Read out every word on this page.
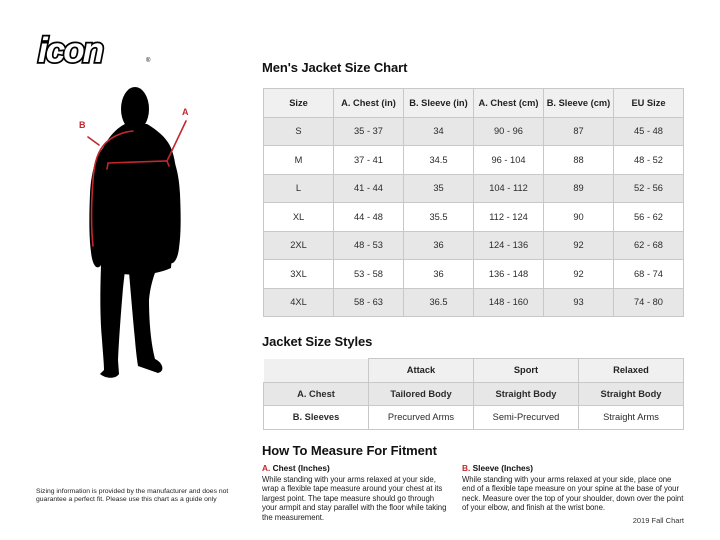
icon	®
A
B
Men's Jacket Size Chart
Size	A. Chest (in)	B. Sleeve (in)	A. Chest (cm)	B. Sleeve (cm)	EU Size
S	35 - 37	34	90 - 96	87	45 - 48
M	37 - 41	34.5	96 - 104	88	48 - 52
L	41 - 44	35	104 - 112	89	52 - 56
XL	44 - 48	35.5	112 - 124	90	56 - 62
2XL	48 - 53	36	124 - 136	92	62 - 68
3XL	53 - 58	36	136 - 148	92	68 - 74
4XL	58 - 63	36.5	148 - 160	93	74 - 80
Jacket Size Styles
	Attack	Sport	Relaxed
A. Chest	Tailored Body	Straight Body	Straight Body
B. Sleeves	Precurved Arms	Semi-Precurved	Straight Arms
How To Measure For Fitment
A. Chest (Inches)
While standing with your arms relaxed at your side, wrap a flexible tape measure around your chest at its largest point. The tape measure should go through your armpit and stay parallel with the floor while taking the measurement.
B. Sleeve (Inches)
While standing with your arms relaxed at your side, place one end of a flexible tape measure on your spine at the base of your neck. Measure over the top of your shoulder, down over the point of your elbow, and finish at the wrist bone.
2019 Fall Chart
Sizing information is provided by the manufacturer and does not guarantee a perfect fit. Please use this chart as a guide only
